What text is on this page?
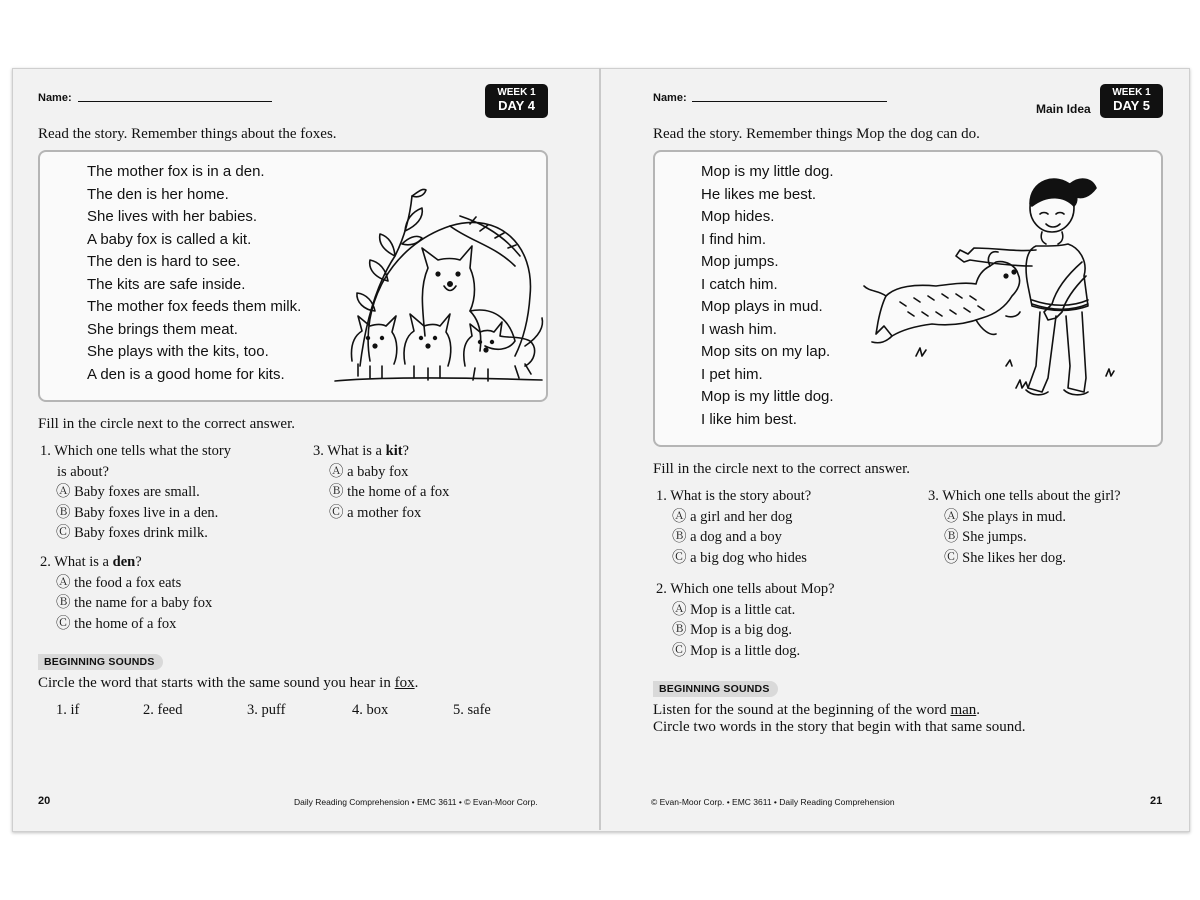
Name:	WEEK 1
DAY 4
Read the story. Remember things about the foxes.
The mother fox is in a den.
The den is her home.
She lives with her babies.
A baby fox is called a kit.
The den is hard to see.
The kits are safe inside.
The mother fox feeds them milk.
She brings them meat.
She plays with the kits, too.
A den is a good home for kits.
Fill in the circle next to the correct answer.
1. Which one tells what the story
is about?
Ⓐ Baby foxes are small.
Ⓑ Baby foxes live in a den.
Ⓒ Baby foxes drink milk.
2. What is a den?
Ⓐ the food a fox eats
Ⓑ the name for a baby fox
Ⓒ the home of a fox
3. What is a kit?
Ⓐ a baby fox
Ⓑ the home of a fox
Ⓒ a mother fox
BEGINNING SOUNDS
Circle the word that starts with the same sound you hear in fox.
1. if	2. feed	3. puff	4. box	5. safe
20	Daily Reading Comprehension • EMC 3611 • © Evan-Moor Corp.
Name:
Main Idea
WEEK 1
DAY 5
Read the story. Remember things Mop the dog can do.
Mop is my little dog.
He likes me best.
Mop hides.
I find him.
Mop jumps.
I catch him.
Mop plays in mud.
I wash him.
Mop sits on my lap.
I pet him.
Mop is my little dog.
I like him best.
Fill in the circle next to the correct answer.
1. What is the story about?
Ⓐ a girl and her dog
Ⓑ a dog and a boy
Ⓒ a big dog who hides
2. Which one tells about Mop?
Ⓐ Mop is a little cat.
Ⓑ Mop is a big dog.
Ⓒ Mop is a little dog.
3. Which one tells about the girl?
Ⓐ She plays in mud.
Ⓑ She jumps.
Ⓒ She likes her dog.
BEGINNING SOUNDS
Listen for the sound at the beginning of the word man.
Circle two words in the story that begin with that same sound.
© Evan-Moor Corp. • EMC 3611 • Daily Reading Comprehension	21
